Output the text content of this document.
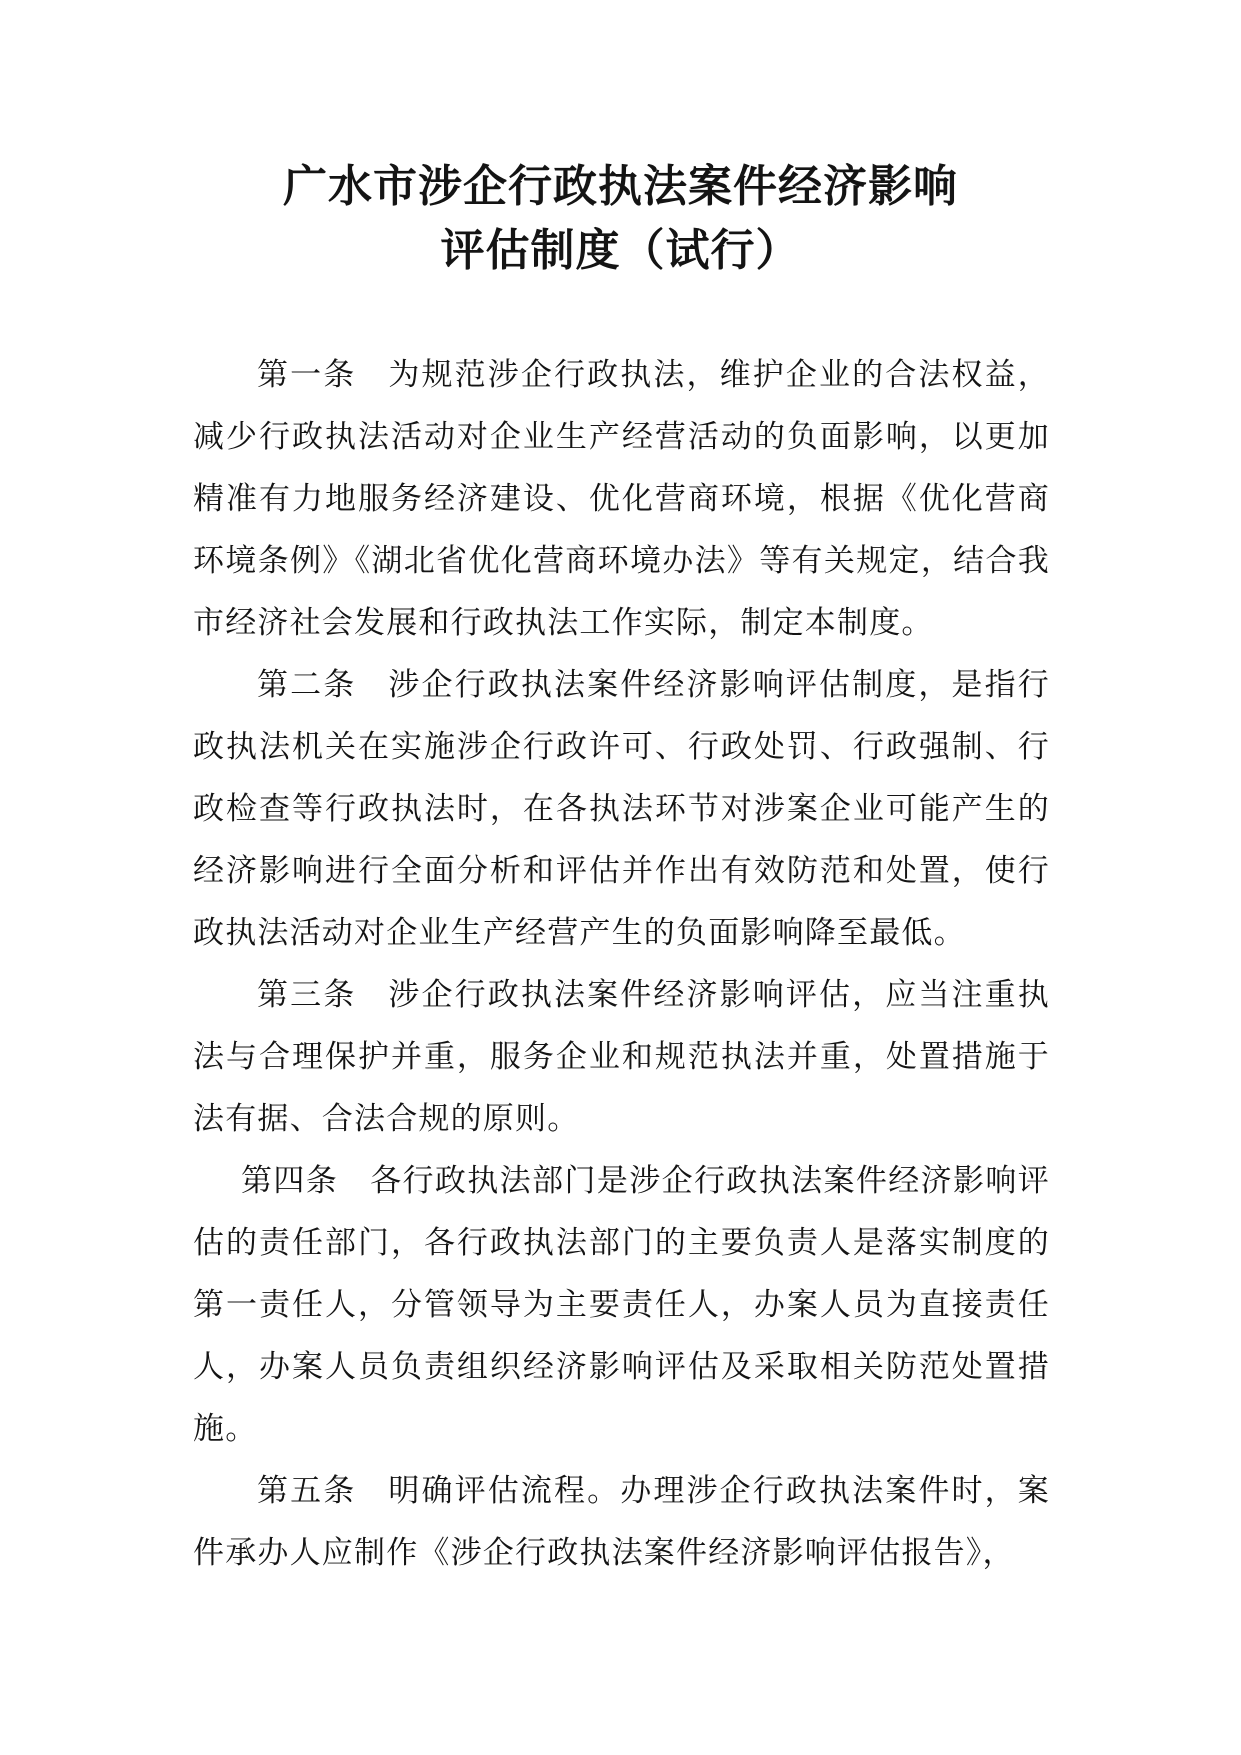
广水市涉企行政执法案件经济影响
评估制度（试行）

第一条 为规范涉企行政执法，维护企业的合法权益，减少行政执法活动对企业生产经营活动的负面影响，以更加精准有力地服务经济建设、优化营商环境，根据《优化营商环境条例》《湖北省优化营商环境办法》等有关规定，结合我市经济社会发展和行政执法工作实际，制定本制度。

第二条 涉企行政执法案件经济影响评估制度，是指行政执法机关在实施涉企行政许可、行政处罚、行政强制、行政检查等行政执法时，在各执法环节对涉案企业可能产生的经济影响进行全面分析和评估并作出有效防范和处置，使行政执法活动对企业生产经营产生的负面影响降至最低。

第三条 涉企行政执法案件经济影响评估，应当注重执法与合理保护并重，服务企业和规范执法并重，处置措施于法有据、合法合规的原则。

第四条 各行政执法部门是涉企行政执法案件经济影响评估的责任部门，各行政执法部门的主要负责人是落实制度的第一责任人，分管领导为主要责任人，办案人员为直接责任人，办案人员负责组织经济影响评估及采取相关防范处置措施。

第五条 明确评估流程。办理涉企行政执法案件时，案件承办人应制作《涉企行政执法案件经济影响评估报告》，
